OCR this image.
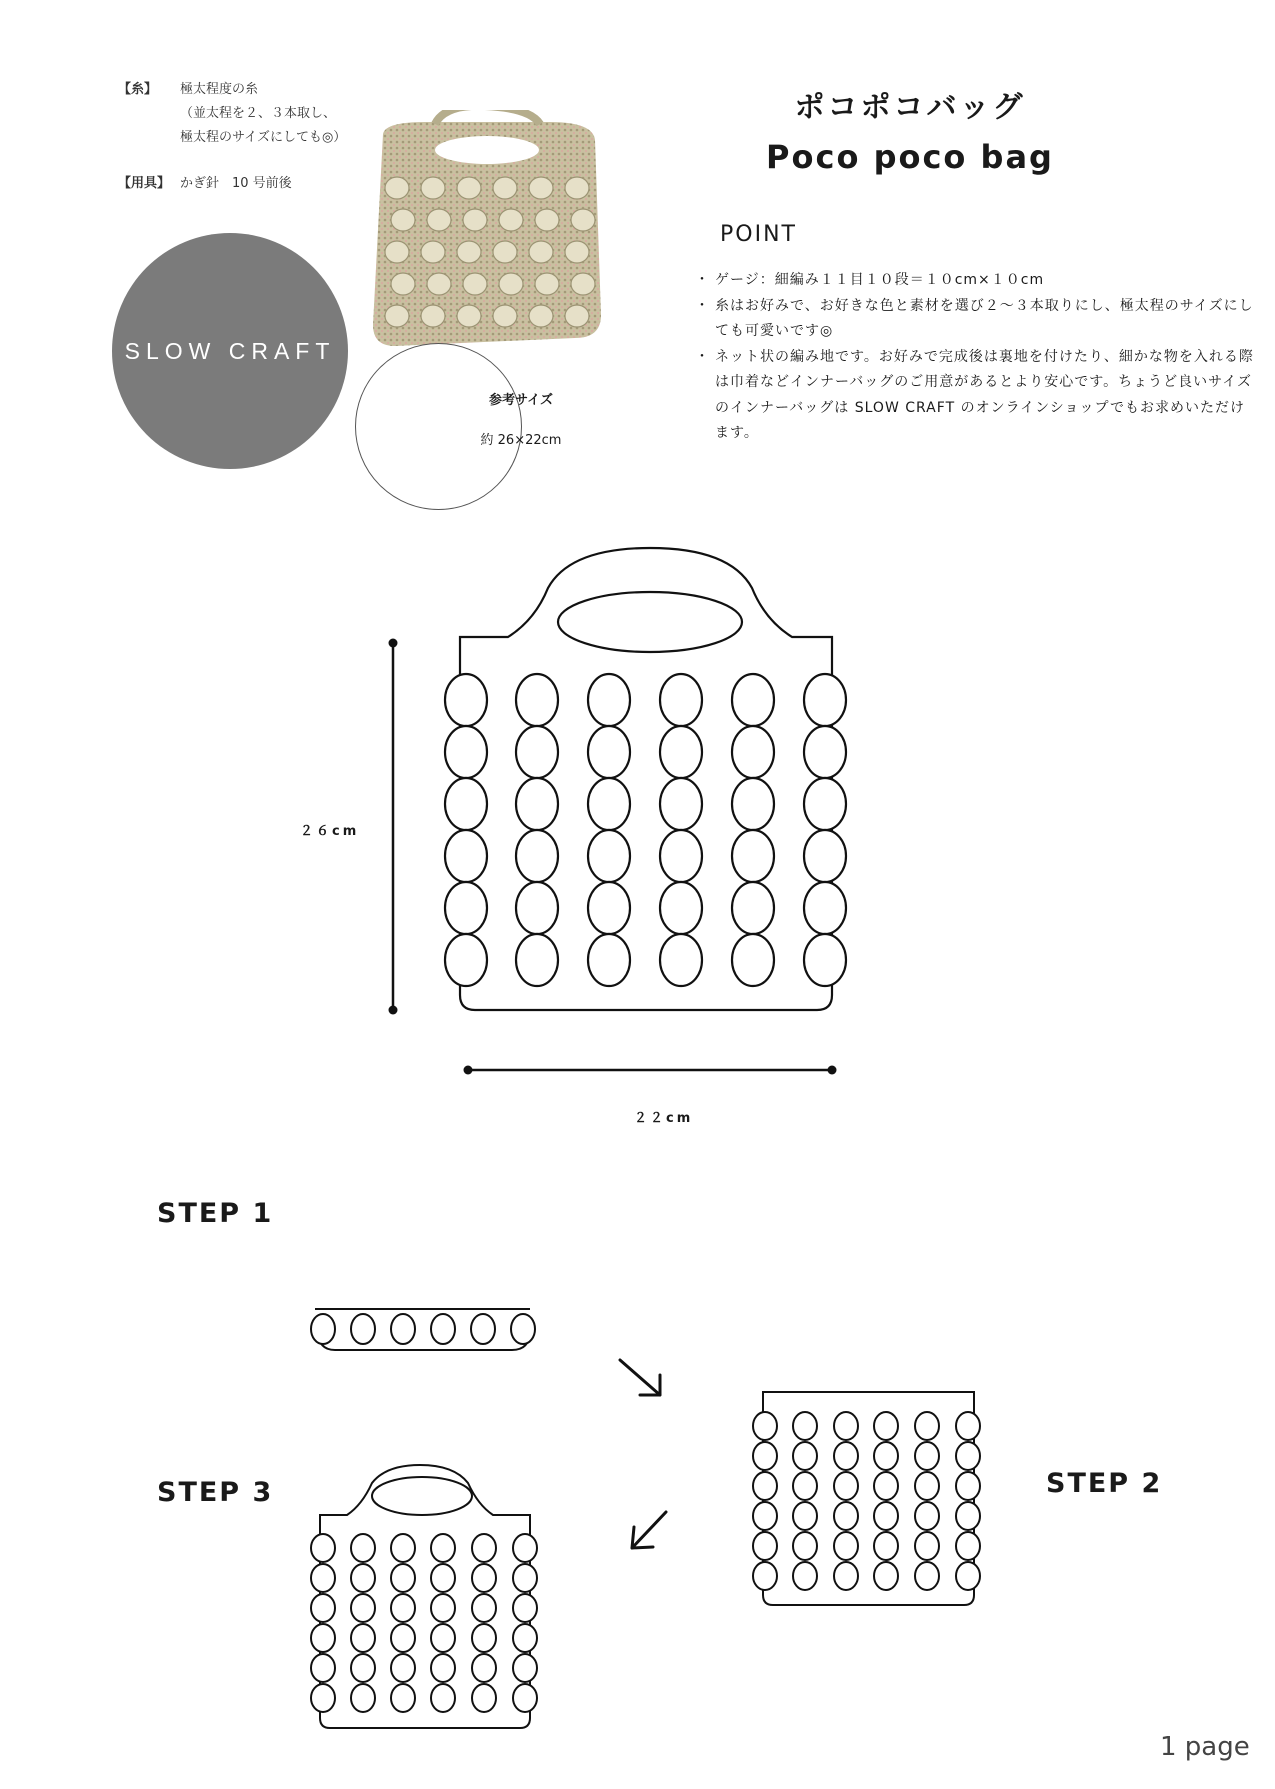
【糸】 極太程度の糸
（並太程を２、３本取し、
極太程のサイズにしても◎）
【用具】 かぎ針　10 号前後
SLOW CRAFT
参考サイズ
約 26×22cm
ポコポコバッグ
Poco poco bag
POINT
・ ゲージ：細編み１１目１０段＝１０cm×１０cm
・ 糸はお好みで、お好きな色と素材を選び２～３本取りにし、極太程のサイズにしても可愛いです◎
・ ネット状の編み地です。お好みで完成後は裏地を付けたり、細かな物を入れる際は巾着などインナーバッグのご用意があるとより安心です。ちょうど良いサイズのインナーバッグは SLOW CRAFT のオンラインショップでもお求めいただけます。
２６cm
２２cm
STEP 1
STEP 2
STEP 3
1 page
